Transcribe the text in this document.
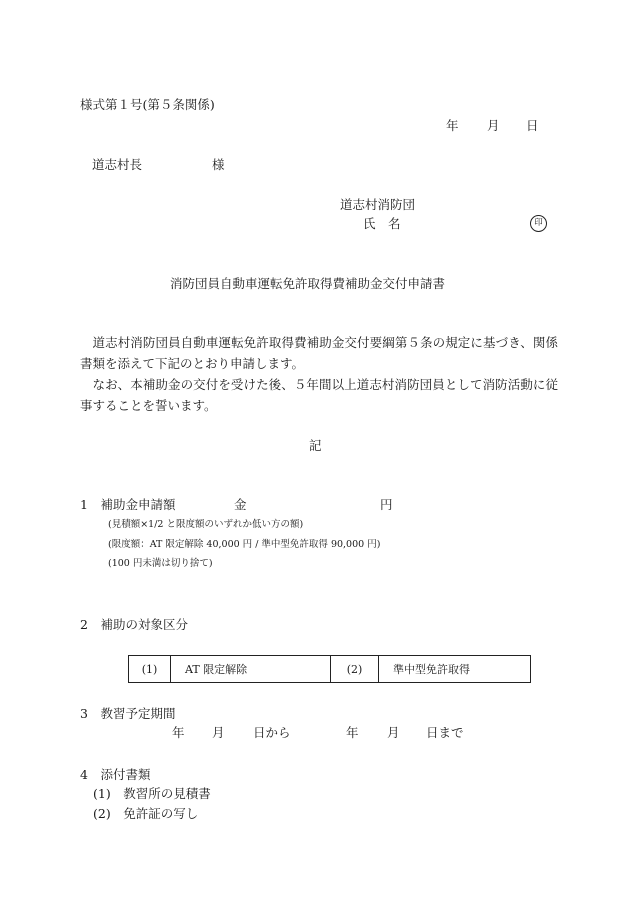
様式第１号(第５条関係)
年 月 日
道志村長	様
道志村消防団
氏　名	印
消防団員自動車運転免許取得費補助金交付申請書

道志村消防団員自動車運転免許取得費補助金交付要綱第５条の規定に基づき、関係書類を添えて下記のとおり申請します。

なお、本補助金の交付を受けた後、５年間以上道志村消防団員として消防活動に従事することを誓います。

記
1　補助金申請額	金	円
(見積額×1/2 と限度額のいずれか低い方の額)
(限度額：AT 限定解除 40,000 円 / 準中型免許取得 90,000 円)
(100 円未満は切り捨て)
2　補助の対象区分
(1)	AT 限定解除	(2)	準中型免許取得
3　教習予定期間
年 月 日から	年 月 日まで
4　添付書類
(1)　教習所の見積書
(2)　免許証の写し
